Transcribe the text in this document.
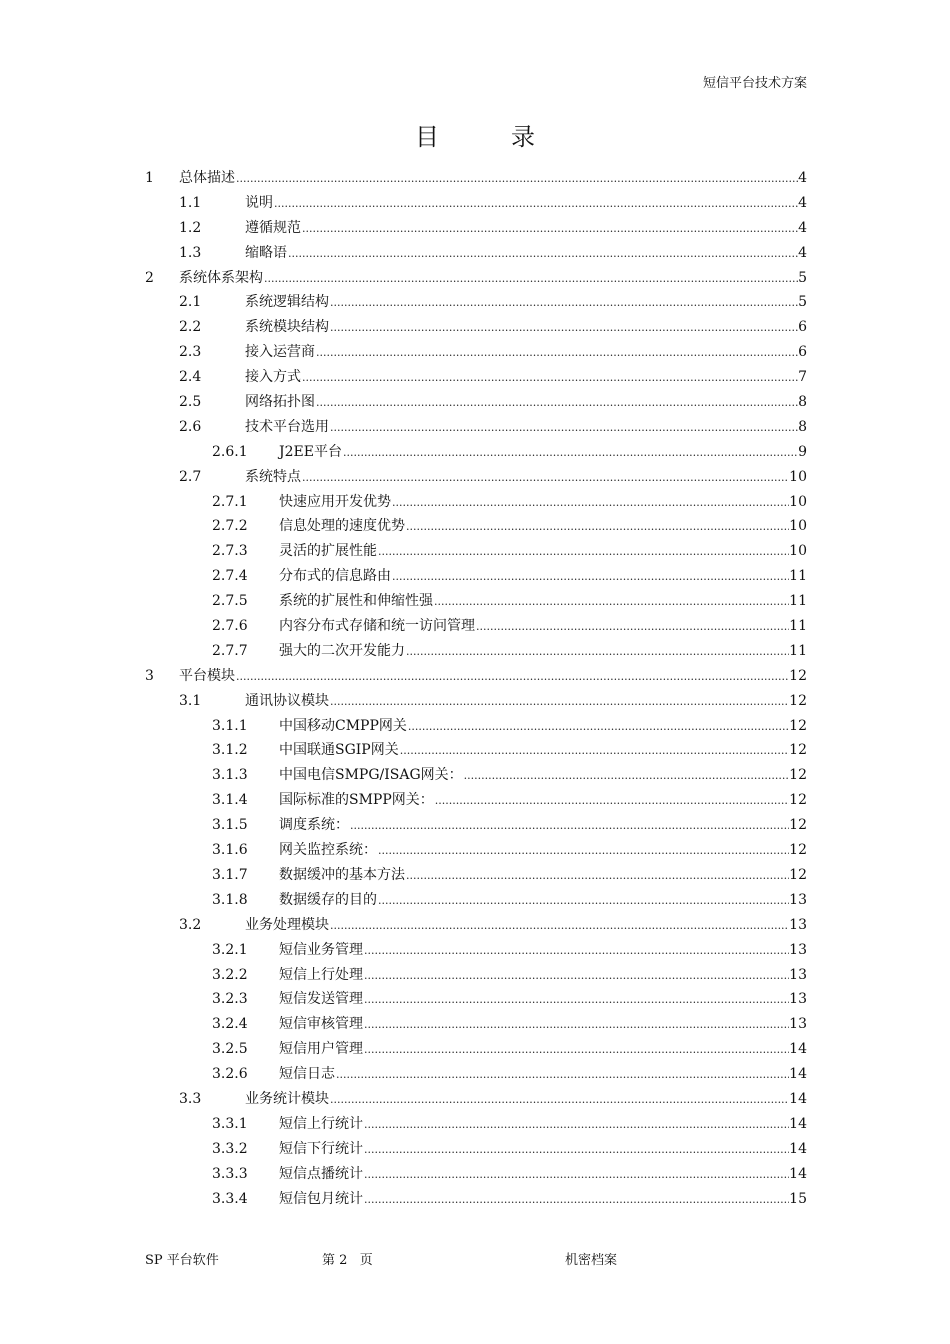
短信平台技术方案
目	录
1 总体描述 .....	4
1.1	说明 .....	4
1.2	遵循规范 .....	4
1.3	缩略语 .....	4
2 系统体系架构 .....	5
2.1	系统逻辑结构 .....	5
2.2	系统模块结构 .....	6
2.3	接入运营商 .....	6
2.4	接入方式 .....	7
2.5	网络拓扑图 .....	8
2.6	技术平台选用 .....	8
2.6.1 J2EE平台 .....	9
2.7	系统特点 .....	10
2.7.1 快速应用开发优势 .....	10
2.7.2 信息处理的速度优势 .....	10
2.7.3 灵活的扩展性能 .....	10
2.7.4 分布式的信息路由 .....	11
2.7.5 系统的扩展性和伸缩性强 .....	11
2.7.6 内容分布式存储和统一访问管理 .....	11
2.7.7 强大的二次开发能力 .....	11
3 平台模块 .....	12
3.1	通讯协议模块 .....	12
3.1.1 中国移动CMPP网关 .....	12
3.1.2 中国联通SGIP网关 .....	12
3.1.3 中国电信SMPG/ISAG网关： .....	12
3.1.4 国际标准的SMPP网关： .....	12
3.1.5 调度系统： .....	12
3.1.6 网关监控系统： .....	12
3.1.7 数据缓冲的基本方法 .....	12
3.1.8 数据缓存的目的 .....	13
3.2	业务处理模块 .....	13
3.2.1 短信业务管理 .....	13
3.2.2 短信上行处理 .....	13
3.2.3 短信发送管理 .....	13
3.2.4 短信审核管理 .....	13
3.2.5 短信用户管理 .....	14
3.2.6 短信日志 .....	14
3.3	业务统计模块 .....	14
3.3.1 短信上行统计 .....	14
3.3.2 短信下行统计 .....	14
3.3.3 短信点播统计 .....	14
3.3.4 短信包月统计 .....	15
SP 平台软件	第 2   页	机密档案
